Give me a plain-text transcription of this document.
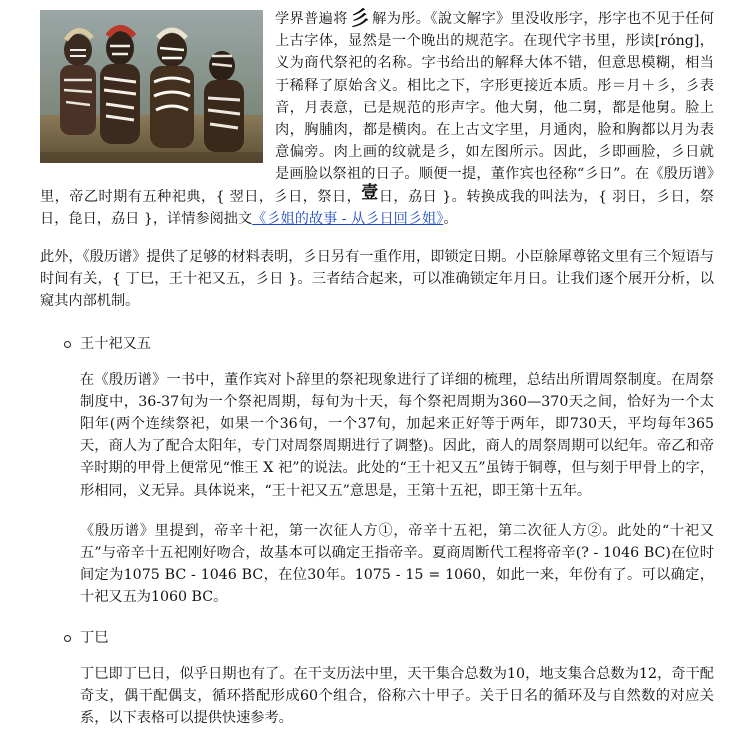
学界普遍将 彡 解为彤。《說文解字》里没收彤字，彤字也不见于任何上古字体，显然是一个晚出的规范字。在现代字书里，彤读[róng]，义为商代祭祀的名称。字书给出的解释大体不错，但意思模糊，相当于稀释了原始含义。相比之下，字形更接近本质。彤＝月＋彡，彡表音，月表意，已是规范的形声字。他大舅，他二舅，都是他舅。脸上肉，胸脯肉，都是横肉。在上古文字里，月通肉，脸和胸都以月为表意偏旁。肉上画的纹就是彡，如左图所示。因此，彡即画脸，彡日就是画脸以祭祖的日子。顺便一提，董作宾也径称“彡日”。在《殷历谱》里，帝乙时期有五种祀典，{ 翌日，彡日，祭日，壹日，劦日 }。转换成我的叫法为，{ 羽日，彡日，祭日，㲋日，劦日 }，详情参阅拙文《彡姐的故事 - 从彡日回彡姐》。

此外，《殷历谱》提供了足够的材料表明，彡日另有一重作用，即锁定日期。小臣艅犀尊铭文里有三个短语与时间有关，{ 丁巳，王十祀又五，彡日 }。三者结合起来，可以准确锁定年月日。让我们逐个展开分析，以窥其内部机制。

王十祀又五

在《殷历谱》一书中，董作宾对卜辞里的祭祀现象进行了详细的梳理，总结出所谓周祭制度。在周祭制度中，36-37旬为一个祭祀周期，每旬为十天，每个祭祀周期为360—370天之间，恰好为一个太阳年(两个连续祭祀，如果一个36旬，一个37旬，加起来正好等于两年，即730天，平均每年365天，商人为了配合太阳年，专门对周祭周期进行了调整)。因此，商人的周祭周期可以纪年。帝乙和帝辛时期的甲骨上便常见“惟王 X 祀”的说法。此处的“王十祀又五”虽铸于铜尊，但与刻于甲骨上的字，形相同，义无异。具体说来，“王十祀又五”意思是，王第十五祀，即王第十五年。

《殷历谱》里提到，帝辛十祀，第一次征人方①，帝辛十五祀，第二次征人方②。此处的“十祀又五”与帝辛十五祀刚好吻合，故基本可以确定王指帝辛。夏商周断代工程将帝辛(? - 1046 BC)在位时间定为1075 BC - 1046 BC，在位30年。1075 - 15 = 1060，如此一来，年份有了。可以确定，十祀又五为1060 BC。

丁巳

丁巳即丁巳日，似乎日期也有了。在干支历法中里，天干集合总数为10，地支集合总数为12，奇干配奇支，偶干配偶支，循环搭配形成60个组合，俗称六十甲子。关于日名的循环及与自然数的对应关系，以下表格可以提供快速参考。
